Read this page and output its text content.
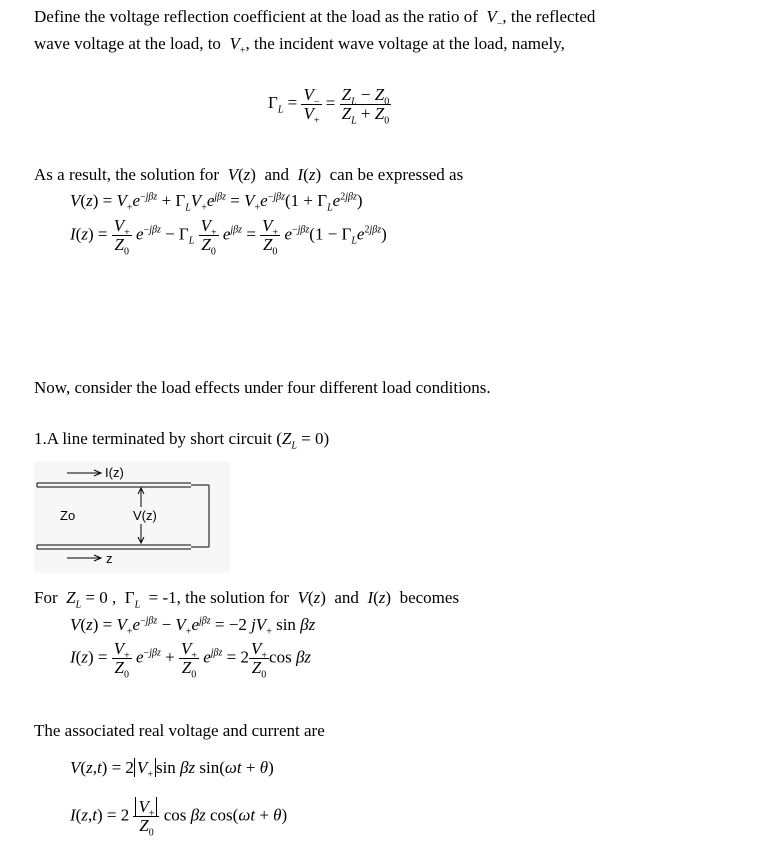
Define the voltage reflection coefficient at the load as the ratio of $V_-$, the reflected
wave voltage at the load, to $V_+$, the incident wave voltage at the load, namely,
$\Gamma_L = \frac{V_-}{V_+} = \frac{Z_L - Z_0}{Z_L + Z_0}$
As a result, the solution for V(z)  and I(z)  can be expressed as
$V(z) = V_+e^{-j\beta z} + \Gamma_LV_+e^{j\beta z} = V_+e^{-j\beta z}(1 + \Gamma_Le^{2j\beta z})$
$I(z) = \frac{V_+}{Z_0} e^{-j\beta z} - \Gamma_L \frac{V_+}{Z_0} e^{j\beta z} = \frac{V_+}{Z_0} e^{-j\beta z}(1 - \Gamma_Le^{2j\beta z})$
Now, consider the load effects under four different load conditions.
1.A line terminated by short circuit $(Z_L = 0)$
I(z)
Zo	V(z)
z
For $Z_L = 0$ ,  $\Gamma_L = -1$, the solution for V(z)  and I(z)  becomes
$V(z) = V_+e^{-j\beta z} - V_+e^{j\beta z} = -2$ $jV_+$ sin βz
$I(z) = \frac{V_+}{Z_0} e^{-j\beta z} + \frac{V_+}{Z_0} e^{j\beta z} = 2 \frac{V_+}{Z_0}$ cos βz
The associated real voltage and current are
V(z,t) = 2 $V_+$ sin βz sin(ωt + θ)
$I(z,t) = 2 \frac{V_+}{Z_0}$ cos βz cos(ωt + θ)
